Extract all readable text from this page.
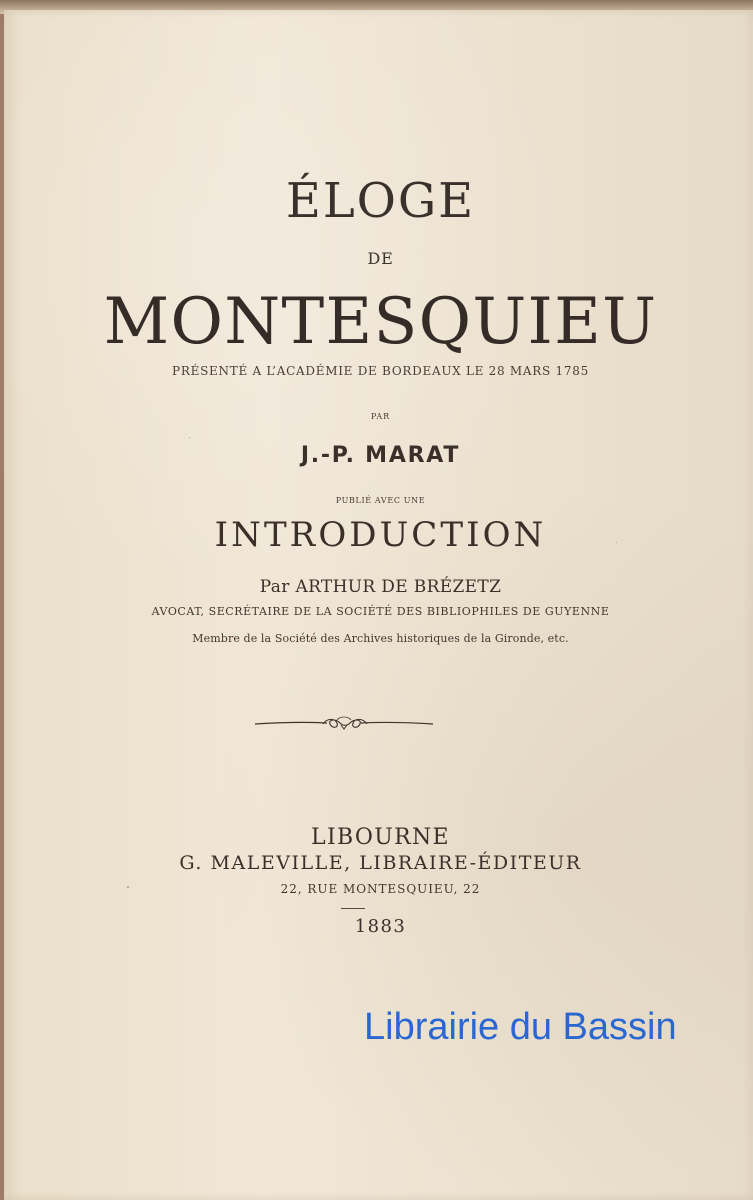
ÉLOGE
DE
MONTESQUIEU
PRÉSENTÉ A L’ACADÉMIE DE BORDEAUX LE 28 MARS 1785
PAR
J.-P. MARAT
PUBLIÉ AVEC UNE
INTRODUCTION
Par ARTHUR DE BRÉZETZ
AVOCAT, SECRÉTAIRE DE LA SOCIÉTÉ DES BIBLIOPHILES DE GUYENNE
Membre de la Société des Archives historiques de la Gironde, etc.
LIBOURNE
G. MALEVILLE, LIBRAIRE-ÉDITEUR
22, RUE MONTESQUIEU, 22
1883
Librairie du Bassin
